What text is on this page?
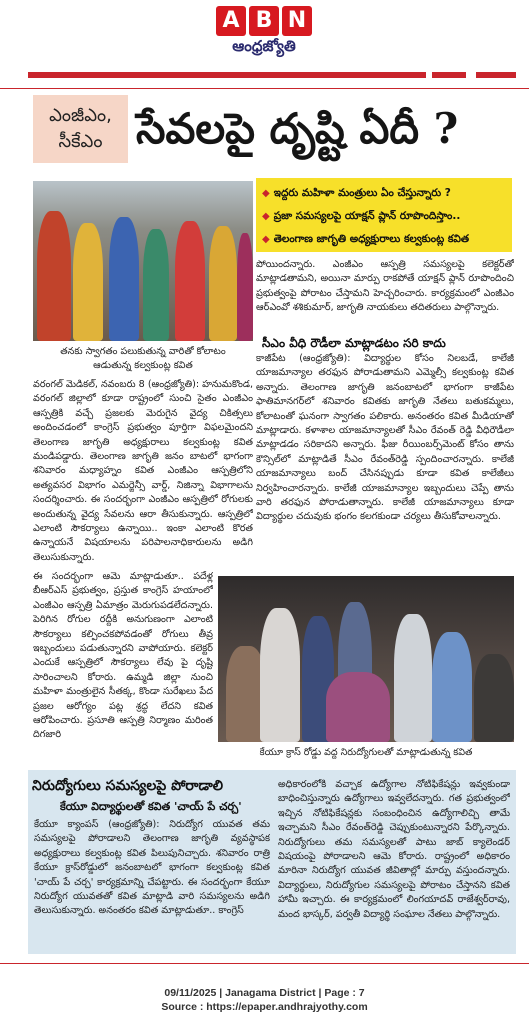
A B N
ఆంధ్రజ్యోతి
ఎంజీఎం,
సీకేఎం సేవలపై దృష్టి ఏదీ ?
తనకు స్వాగతం పలుకుతున్న వారితో కోలాటం
ఆడుతున్న కల్వకుంట్ల కవిత
◆ ఇద్దరు మహిళా మంత్రులు ఏం చేస్తున్నారు ?
◆ ప్రజా సమస్యలపై యాక్షన్ ప్లాన్ రూపొందిస్తాం..
◆ తెలంగాణ జాగృతి అధ్యక్షురాలు కల్వకుంట్ల కవిత

వరంగల్ మెడికల్, నవంబరు 8 (ఆంధ్రజ్యోతి): హనుమకొండ, వరంగల్ జిల్లాలో కూడా రాష్ట్రంలో సుంచి సైతం ఎంజీఎం ఆస్పత్రికి వచ్చే ప్రజలకు మెరుగైన వైద్య చికిత్సలు అందించడంలో కాంగ్రెస్ ప్రభుత్వం పూర్తిగా విఫలమైందని తెలంగాణ జాగృతి అధ్యక్షురాలు కల్వకుంట్ల కవిత మండిపడ్డారు. తెలంగాణ జాగృతి జనం బాటలో భాగంగా శనివారం మధ్యాహ్నం కవిత ఎంజీఎం ఆస్పత్రిలోని అత్యవసర విభాగం ఎమర్జెన్సీ వార్డ్, నిజిన్నా విభాగాలను సందర్శించారు. ఈ సందర్భంగా ఎంజీఎం ఆస్పత్రిలో రోగులకు అందుతున్న వైద్య సేవలను ఆరా తీసుకున్నారు. ఆస్పత్రిలో ఎలాంటి సౌకర్యాలు ఉన్నాయి.. ఇంకా ఎలాంటి కొరత ఉన్నాయనే విషయాలను పరిపాలనాధికారులను అడిగి తెలుసుకున్నారు.

ఈ సందర్భంగా ఆమె మాట్లాడుతూ.. పదేళ్ల బీఆర్ఎస్ ప్రభుత్వం, ప్రస్తుత కాంగ్రెస్ హయాంలో ఎంజీఎం ఆస్పత్రి ఏమాత్రం మెరుగుపడలేదన్నారు. పెరిగిన రోగుల రద్దీకి అనుగుణంగా ఎలాంటి సౌకర్యాలు కల్పించకపోవడంతో రోగులు తీవ్ర ఇబ్బందులు పడుతున్నారని వాపోయారు. కలెక్టర్ ఎందుకే ఆస్పత్రిలో సౌకర్యాలు లేవు పై దృష్టి సారించాలని కోరారు. ఉమ్మడి జిల్లా నుంచి మహిళా మంత్రులైన సీతక్క, కొండా సురేఖలు పేద ప్రజల ఆరోగ్యం పట్ల శ్రద్ధ లేదని కవిత ఆరోపించారు. ప్రసూతి ఆస్పత్రి నిర్మాణం మరింత దిగజారి

పోయిందన్నారు. ఎంజీఎం ఆస్పత్రి సమస్యలపై కలెక్టర్‌తో మాట్లాడతామని, అయినా మార్పు రాకపోతే యాక్షన్ ప్లాన్ రూపొందించి ప్రభుత్వంపై పోరాటం చేస్తామని హెచ్చరించారు. కార్యక్రమంలో ఎంజీఎం ఆర్ఎంవో శశికుమార్, జాగృతి నాయకులు తదితరులు పాల్గొన్నారు.

సీఎం వీధి రౌడీలా మాట్లాడటం సరి కాదు

కాజీపేట (ఆంధ్రజ్యోతి): విద్యార్థుల కోసం నిలబడే, కాలేజీ యాజమాన్యాల తరఫున పోరాడుతామని ఎమ్మెల్సీ కల్వకుంట్ల కవిత అన్నారు. తెలంగాణ జాగృతి జనంబాటలో భాగంగా కాజీపేట ఫాతిమానగర్‌లో శనివారం కవితకు జాగృతి నేతలు బతుకమ్మలు, కోలాటంతో ఘనంగా స్వాగతం పలికారు. అనంతరం కవిత మీడియాతో మాట్లాడారు. కళాశాల యాజమాన్యాలతో సీఎం రేవంత్ రెడ్డి వీధిరౌడీలా మాట్లాడడం సరికాదని అన్నారు. ఫీజు రీయింబర్స్‌మెంట్ కోసం తాను కౌన్సిల్‌లో మాట్లాడితే సీఎం రేవంత్‌రెడ్డి స్పందించారన్నారు. కాలేజీ యాజమాన్యాలు బంద్ చేసినప్పుడు కూడా కవిత కాలేజీలు నిర్వహించారన్నారు. కాలేజీ యాజమాన్యాల ఇబ్బందులు చెప్పే తాను వారి తరఫున పోరాడుతాన్నారు. కాలేజీ యాజమాన్యాలు కూడా విద్యార్థుల చదువుకు భంగం కలగకుండా చర్యలు తీసుకోవాలన్నారు.

కేయూ క్రాస్ రోడ్డు వద్ద నిరుద్యోగులతో మాట్లాడుతున్న కవిత
నిరుద్యోగులు సమస్యలపై పోరాడాలి
కేయూ విద్యార్థులతో కవిత 'చాయ్ పే చర్చ'

కేయూ క్యాంపస్ (ఆంధ్రజ్యోతి): నిరుద్యోగ యువత తమ సమస్యలపై పోరాడాలని తెలంగాణ జాగృతి వ్యవస్థాపక అధ్యక్షురాలు కల్వకుంట్ల కవిత పిలుపునిచ్చారు. శనివారం రాత్రి కేయూ క్రాస్‌రోడ్డులో జనంబాటలో భాగంగా కల్వకుంట్ల కవిత 'చాయ్ పే చర్చ' కార్యక్రమాన్ని చేపట్టారు. ఈ సందర్భంగా కేయూ నిరుద్యోగ యువతతో కవిత మాట్లాడి వారి సమస్యలను అడిగి తెలుసుకున్నారు. అనంతరం కవిత మాట్లాడుతూ.. కాంగ్రెస్

అధికారంలోకి వచ్చాక ఉద్యోగాల నోటిఫికేషన్లు ఇవ్వకుండా బాధించిస్తున్నారు ఉద్యోగాలు ఇవ్వలేదన్నారు. గత ప్రభుత్వంలో ఇచ్చిన నోటిఫికేషన్లకు సంబంధించిన ఉద్యోగాలిచ్చి తామే ఇచ్చామని సీఎం రేవంత్‌రెడ్డి చెప్పుకుంటున్నారని పేర్కొన్నారు. నిరుద్యోగులు తమ సమస్యలతో పాటు జాబ్ క్యాలెండర్ విషయంపై పోరాడాలని ఆమె కోరారు. రాష్ట్రంలో అధికారం మారినా నిరుద్యోగ యువత జీవితాల్లో మార్పు వస్తుందన్నారు. విద్యార్థులు, నిరుద్యోగుల సమస్యలపై పోరాటం చేస్తానని కవిత హామీ ఇచ్చారు. ఈ కార్యక్రమంలో లింగయాదవ్ రాజేశ్వర్‌రావు, మంద భాస్కర్, పర్వతీ విద్యార్థి సంఘాల నేతలు పాల్గొన్నారు.

09/11/2025 | Janagama District | Page : 7
Source : https://epaper.andhrajyothy.com
